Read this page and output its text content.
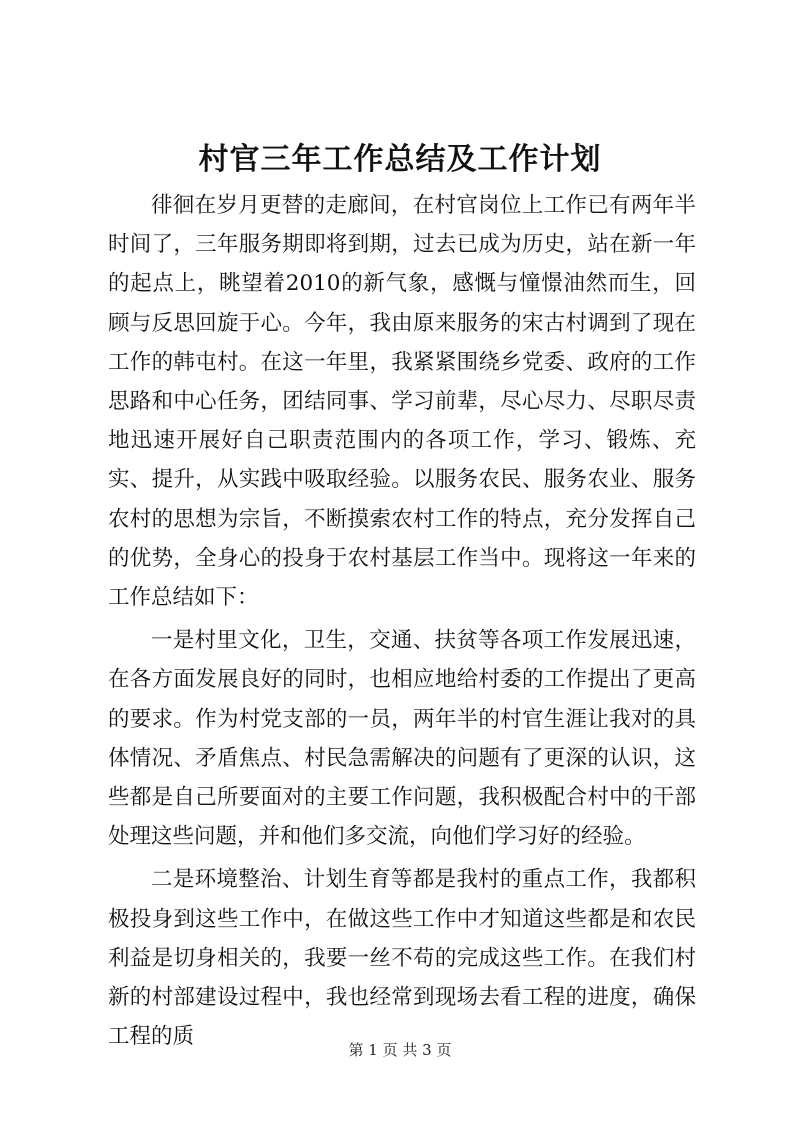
村官三年工作总结及工作计划

徘徊在岁月更替的走廊间，在村官岗位上工作已有两年半时间了，三年服务期即将到期，过去已成为历史，站在新一年的起点上，眺望着2010的新气象，感慨与憧憬油然而生，回顾与反思回旋于心。今年，我由原来服务的宋古村调到了现在工作的韩屯村。在这一年里，我紧紧围绕乡党委、政府的工作思路和中心任务，团结同事、学习前辈，尽心尽力、尽职尽责地迅速开展好自己职责范围内的各项工作，学习、锻炼、充实、提升，从实践中吸取经验。以服务农民、服务农业、服务农村的思想为宗旨，不断摸索农村工作的特点，充分发挥自己的优势，全身心的投身于农村基层工作当中。现将这一年来的工作总结如下：

一是村里文化，卫生，交通、扶贫等各项工作发展迅速，在各方面发展良好的同时，也相应地给村委的工作提出了更高的要求。作为村党支部的一员，两年半的村官生涯让我对的具体情况、矛盾焦点、村民急需解决的问题有了更深的认识，这些都是自己所要面对的主要工作问题，我积极配合村中的干部处理这些问题，并和他们多交流，向他们学习好的经验。

二是环境整治、计划生育等都是我村的重点工作，我都积极投身到这些工作中，在做这些工作中才知道这些都是和农民利益是切身相关的，我要一丝不苟的完成这些工作。在我们村新的村部建设过程中，我也经常到现场去看工程的进度，确保工程的质

第 1 页 共 3 页
